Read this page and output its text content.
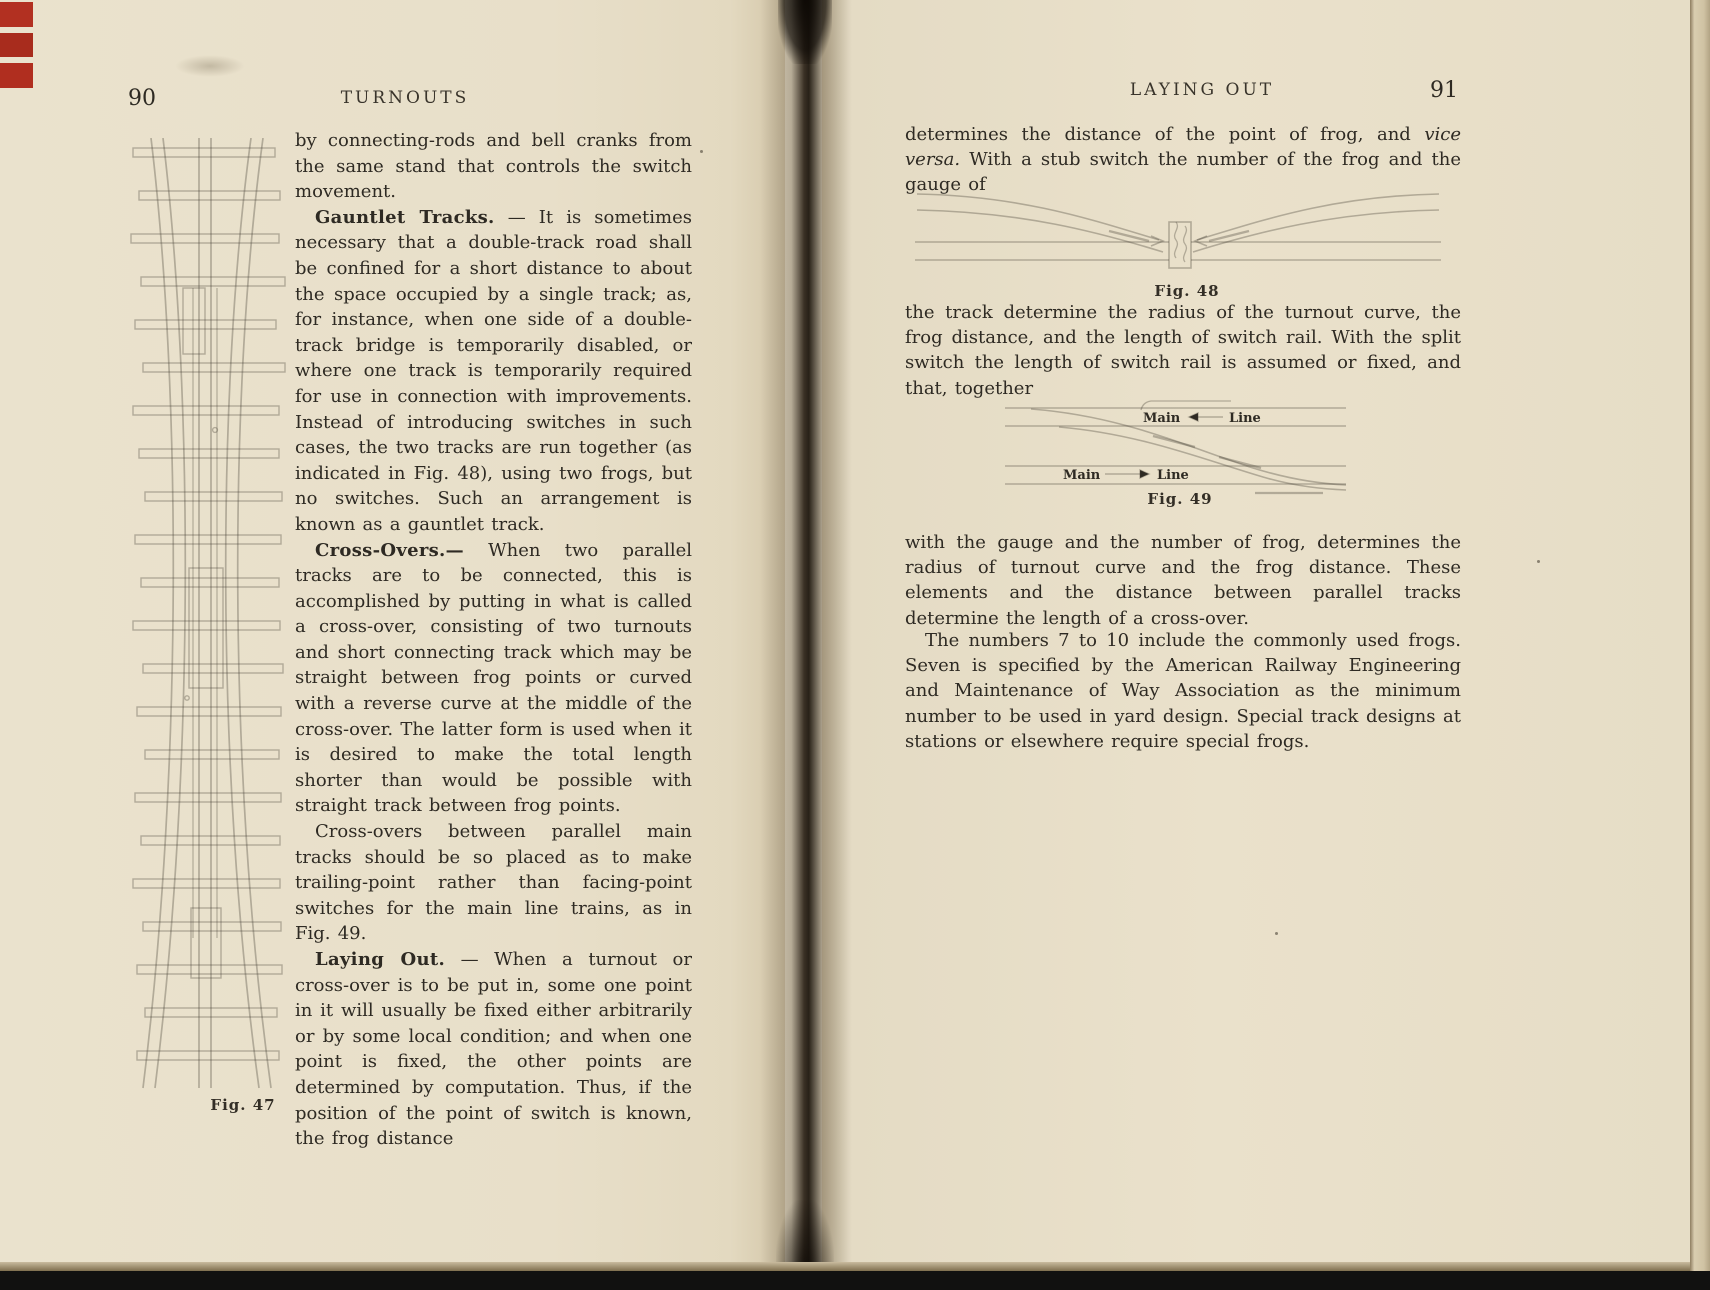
90	TURNOUTS
Fig. 47

by connecting-rods and bell cranks from the same stand that controls the switch movement.

Gauntlet Tracks. — It is sometimes necessary that a double-track road shall be confined for a short distance to about the space occupied by a single track; as, for instance, when one side of a double-track bridge is temporarily disabled, or where one track is temporarily required for use in connection with improvements. Instead of introducing switches in such cases, the two tracks are run together (as indicated in Fig. 48), using two frogs, but no switches. Such an arrangement is known as a gauntlet track.

Cross-Overs.— When two parallel tracks are to be connected, this is accomplished by putting in what is called a cross-over, consisting of two turnouts and short connecting track which may be straight between frog points or curved with a reverse curve at the middle of the cross-over. The latter form is used when it is desired to make the total length shorter than would be possible with straight track between frog points.

Cross-overs between parallel main tracks should be so placed as to make trailing-point rather than facing-point switches for the main line trains, as in Fig. 49.

Laying Out. — When a turnout or cross-over is to be put in, some one point in it will usually be fixed either arbitrarily or by some local condition; and when one point is fixed, the other points are determined by computation. Thus, if the position of the point of switch is known, the frog distance

LAYING OUT	91
determines the distance of the point of frog, and vice versa. With a stub switch the number of the frog and the gauge of
Fig. 48
the track determine the radius of the turnout curve, the frog distance, and the length of switch rail. With the split switch the length of switch rail is assumed or fixed, and that, together
Main	Line
Main	Line
Fig. 49
with the gauge and the number of frog, determines the radius of turnout curve and the frog distance. These elements and the distance between parallel tracks determine the length of a cross-over.
The numbers 7 to 10 include the commonly used frogs. Seven is specified by the American Railway Engineering and Maintenance of Way Association as the minimum number to be used in yard design. Special track designs at stations or elsewhere require special frogs.
